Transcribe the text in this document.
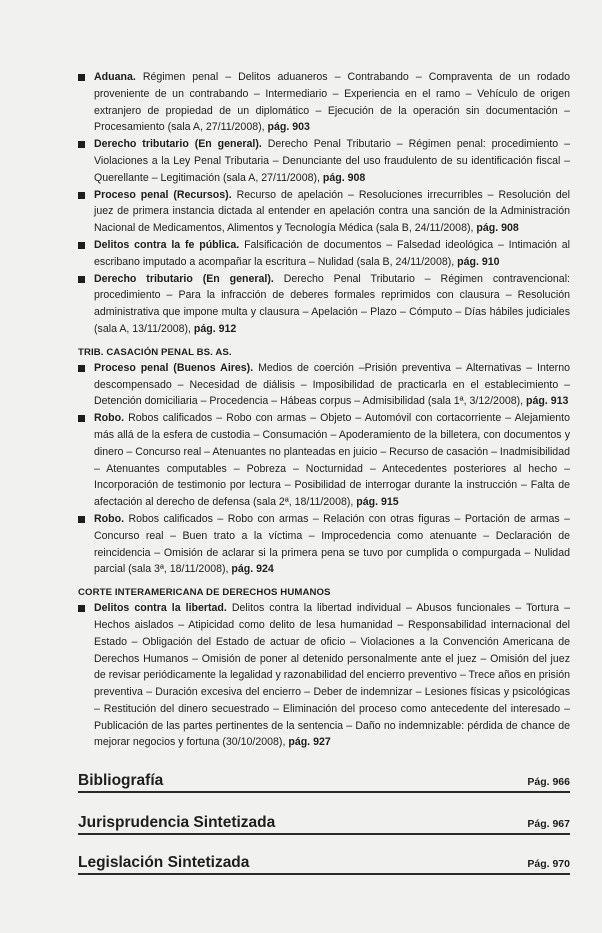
Aduana. Régimen penal – Delitos aduaneros – Contrabando – Compraventa de un rodado proveniente de un contrabando – Intermediario – Experiencia en el ramo – Vehículo de origen extranjero de propiedad de un diplomático – Ejecución de la operación sin documentación – Procesamiento (sala A, 27/11/2008), pág. 903
Derecho tributario (En general). Derecho Penal Tributario – Régimen penal: procedimiento – Violaciones a la Ley Penal Tributaria – Denunciante del uso fraudulento de su identificación fiscal – Querellante – Legitimación (sala A, 27/11/2008), pág. 908
Proceso penal (Recursos). Recurso de apelación – Resoluciones irrecurribles – Resolución del juez de primera instancia dictada al entender en apelación contra una sanción de la Administración Nacional de Medicamentos, Alimentos y Tecnología Médica (sala B, 24/11/2008), pág. 908
Delitos contra la fe pública. Falsificación de documentos – Falsedad ideológica – Intimación al escribano imputado a acompañar la escritura – Nulidad (sala B, 24/11/2008), pág. 910
Derecho tributario (En general). Derecho Penal Tributario – Régimen contravencional: procedimiento – Para la infracción de deberes formales reprimidos con clausura – Resolución administrativa que impone multa y clausura – Apelación – Plazo – Cómputo – Días hábiles judiciales (sala A, 13/11/2008), pág. 912
TRIB. CASACIÓN PENAL BS. AS.
Proceso penal (Buenos Aires). Medios de coerción –Prisión preventiva – Alternativas – Interno descompensado – Necesidad de diálisis – Imposibilidad de practicarla en el establecimiento – Detención domiciliaria – Procedencia – Hábeas corpus – Admisibilidad (sala 1ª, 3/12/2008), pág. 913
Robo. Robos calificados – Robo con armas – Objeto – Automóvil con cortacorriente – Alejamiento más allá de la esfera de custodia – Consumación – Apoderamiento de la billetera, con documentos y dinero – Concurso real – Atenuantes no planteadas en juicio – Recurso de casación – Inadmisibilidad – Atenuantes computables – Pobreza – Nocturnidad – Antecedentes posteriores al hecho – Incorporación de testimonio por lectura – Posibilidad de interrogar durante la instrucción – Falta de afectación al derecho de defensa (sala 2ª, 18/11/2008), pág. 915
Robo. Robos calificados – Robo con armas – Relación con otras figuras – Portación de armas – Concurso real – Buen trato a la víctima – Improcedencia como atenuante – Declaración de reincidencia – Omisión de aclarar si la primera pena se tuvo por cumplida o compurgada – Nulidad parcial (sala 3ª, 18/11/2008), pág. 924
CORTE INTERAMERICANA DE DERECHOS HUMANOS
Delitos contra la libertad. Delitos contra la libertad individual – Abusos funcionales – Tortura – Hechos aislados – Atipicidad como delito de lesa humanidad – Responsabilidad internacional del Estado – Obligación del Estado de actuar de oficio – Violaciones a la Convención Americana de Derechos Humanos – Omisión de poner al detenido personalmente ante el juez – Omisión del juez de revisar periódicamente la legalidad y razonabilidad del encierro preventivo – Trece años en prisión preventiva – Duración excesiva del encierro – Deber de indemnizar – Lesiones físicas y psicológicas – Restitución del dinero secuestrado – Eliminación del proceso como antecedente del interesado – Publicación de las partes pertinentes de la sentencia – Daño no indemnizable: pérdida de chance de mejorar negocios y fortuna (30/10/2008), pág. 927
Bibliografía	Pág. 966
Jurisprudencia Sintetizada	Pág. 967
Legislación Sintetizada	Pág. 970
